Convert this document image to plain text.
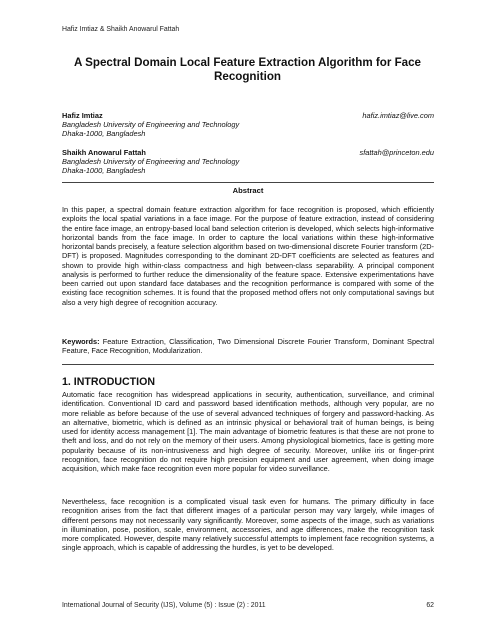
Hafiz Imtiaz & Shaikh Anowarul Fattah
A Spectral Domain Local Feature Extraction Algorithm for Face Recognition
Hafiz Imtiaz	hafiz.imtiaz@live.com
Bangladesh University of Engineering and Technology
Dhaka-1000, Bangladesh
Shaikh Anowarul Fattah	sfattah@princeton.edu
Bangladesh University of Engineering and Technology
Dhaka-1000, Bangladesh
Abstract

In this paper, a spectral domain feature extraction algorithm for face recognition is proposed, which efficiently exploits the local spatial variations in a face image. For the purpose of feature extraction, instead of considering the entire face image, an entropy-based local band selection criterion is developed, which selects high-informative horizontal bands from the face image. In order to capture the local variations within these high-informative horizontal bands precisely, a feature selection algorithm based on two-dimensional discrete Fourier transform (2D-DFT) is proposed. Magnitudes corresponding to the dominant 2D-DFT coefficients are selected as features and shown to provide high within-class compactness and high between-class separability. A principal component analysis is performed to further reduce the dimensionality of the feature space. Extensive experimentations have been carried out upon standard face databases and the recognition performance is compared with some of the existing face recognition schemes. It is found that the proposed method offers not only computational savings but also a very high degree of recognition accuracy.

Keywords: Feature Extraction, Classification, Two Dimensional Discrete Fourier Transform, Dominant Spectral Feature, Face Recognition, Modularization.

1. INTRODUCTION

Automatic face recognition has widespread applications in security, authentication, surveillance, and criminal identification. Conventional ID card and password based identification methods, although very popular, are no more reliable as before because of the use of several advanced techniques of forgery and password-hacking. As an alternative, biometric, which is defined as an intrinsic physical or behavioral trait of human beings, is being used for identity access management [1]. The main advantage of biometric features is that these are not prone to theft and loss, and do not rely on the memory of their users. Among physiological biometrics, face is getting more popularity because of its non-intrusiveness and high degree of security. Moreover, unlike iris or finger-print recognition, face recognition do not require high precision equipment and user agreement, when doing image acquisition, which make face recognition even more popular for video surveillance.

Nevertheless, face recognition is a complicated visual task even for humans. The primary difficulty in face recognition arises from the fact that different images of a particular person may vary largely, while images of different persons may not necessarily vary significantly. Moreover, some aspects of the image, such as variations in illumination, pose, position, scale, environment, accessories, and age differences, make the recognition task more complicated. However, despite many relatively successful attempts to implement face recognition systems, a single approach, which is capable of addressing the hurdles, is yet to be developed.

International Journal of Security (IJS), Volume (5) : Issue (2) : 2011	62
